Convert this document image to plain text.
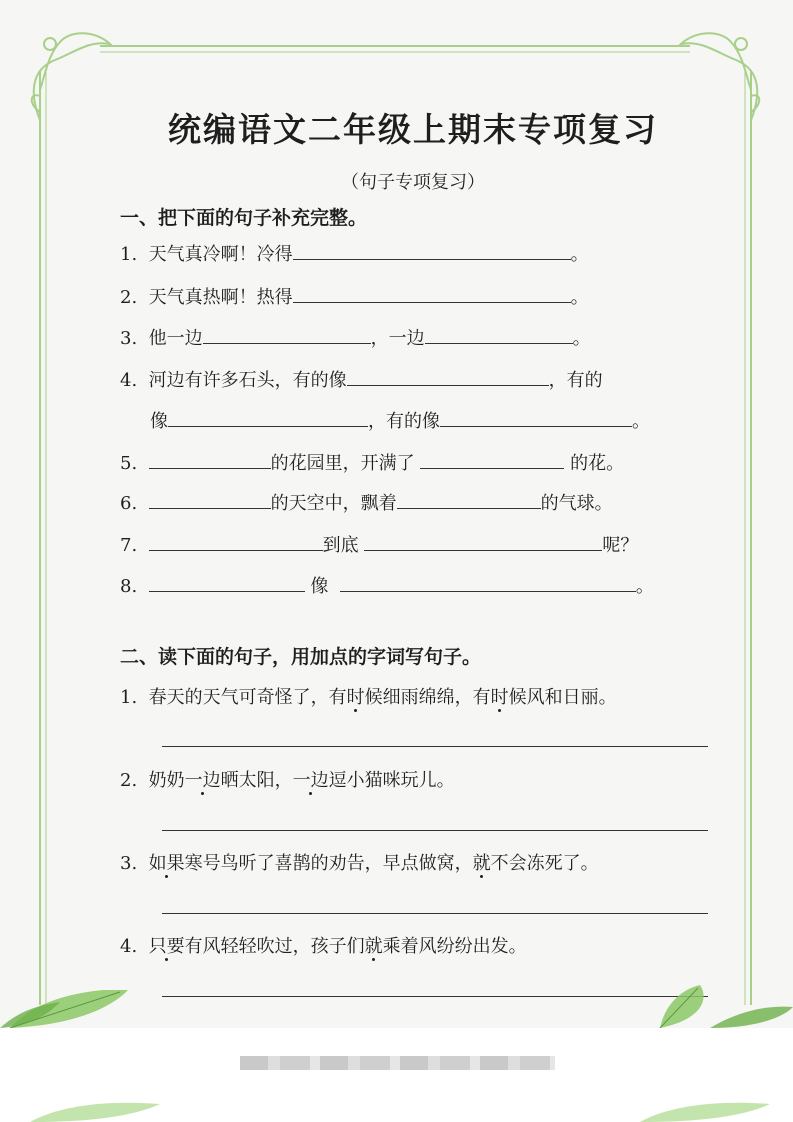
统编语文二年级上期末专项复习
（句子专项复习）
一、把下面的句子补充完整。
1. 天气真冷啊！冷得	。
2. 天气真热啊！热得	。
3. 他一边	，一边	。
4. 河边有许多石头，有的像	，有的
像	，有的像	。
5.	的花园里，开满了	的花。
6.	的天空中，飘着	的气球。
7.	到底	呢？
8.	像	。
二、读下面的句子，用加点的字词写句子。
1. 春天的天气可奇怪了，有时候细雨绵绵，有时候风和日丽。
2. 奶奶一边晒太阳，一边逗小猫咪玩儿。
3. 如果寒号鸟听了喜鹊的劝告，早点做窝，就不会冻死了。
4. 只要有风轻轻吹过，孩子们就乘着风纷纷出发。
